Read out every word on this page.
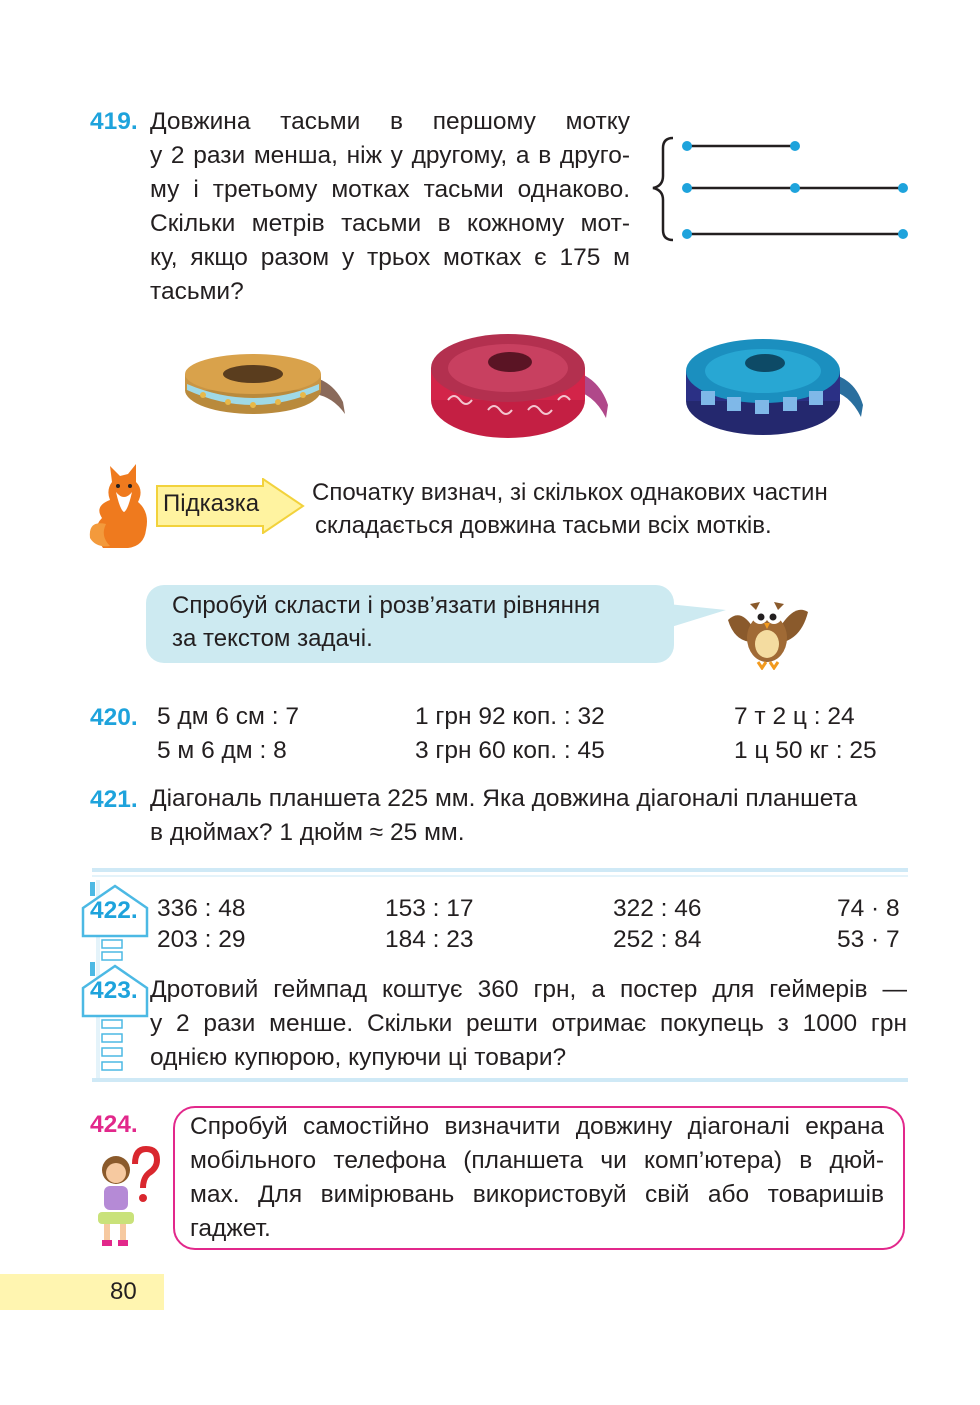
419. Довжина тасьми в першому мотку
у 2 рази менша, ніж у другому, а в друго-
му і третьому мотках тасьми однаково.
Скільки метрів тасьми в кожному мот-
ку, якщо разом у трьох мотках є 175 м
тасьми?
Підказка Спочатку визнач, зі скількох однакових частин
складається довжина тасьми всіх мотків.
Спробуй скласти і розв’язати рівняння
за текстом задачі.
420. 5 дм 6 см : 7	1 грн 92 коп. : 32	7 т 2 ц : 24
5 м 6 дм : 8	3 грн 60 коп. : 45	1 ц 50 кг : 25
421. Діагональ планшета 225 мм. Яка довжина діагоналі планшета
в дюймах? 1 дюйм ≈ 25 мм.
422. 336 : 48	153 : 17	322 : 46	74 · 8
203 : 29	184 : 23	252 : 84	53 · 7
423. Дротовий геймпад коштує 360 грн, а постер для геймерів —
у 2 рази менше. Скільки решти отримає покупець з 1000 грн
однією купюрою, купуючи ці товари?
424. Спробуй самостійно визначити довжину діагоналі екрана
мобільного телефона (планшета чи комп’ютера) в дюй-
мах. Для вимірювань використовуй свій або товаришів
гаджет.
80
